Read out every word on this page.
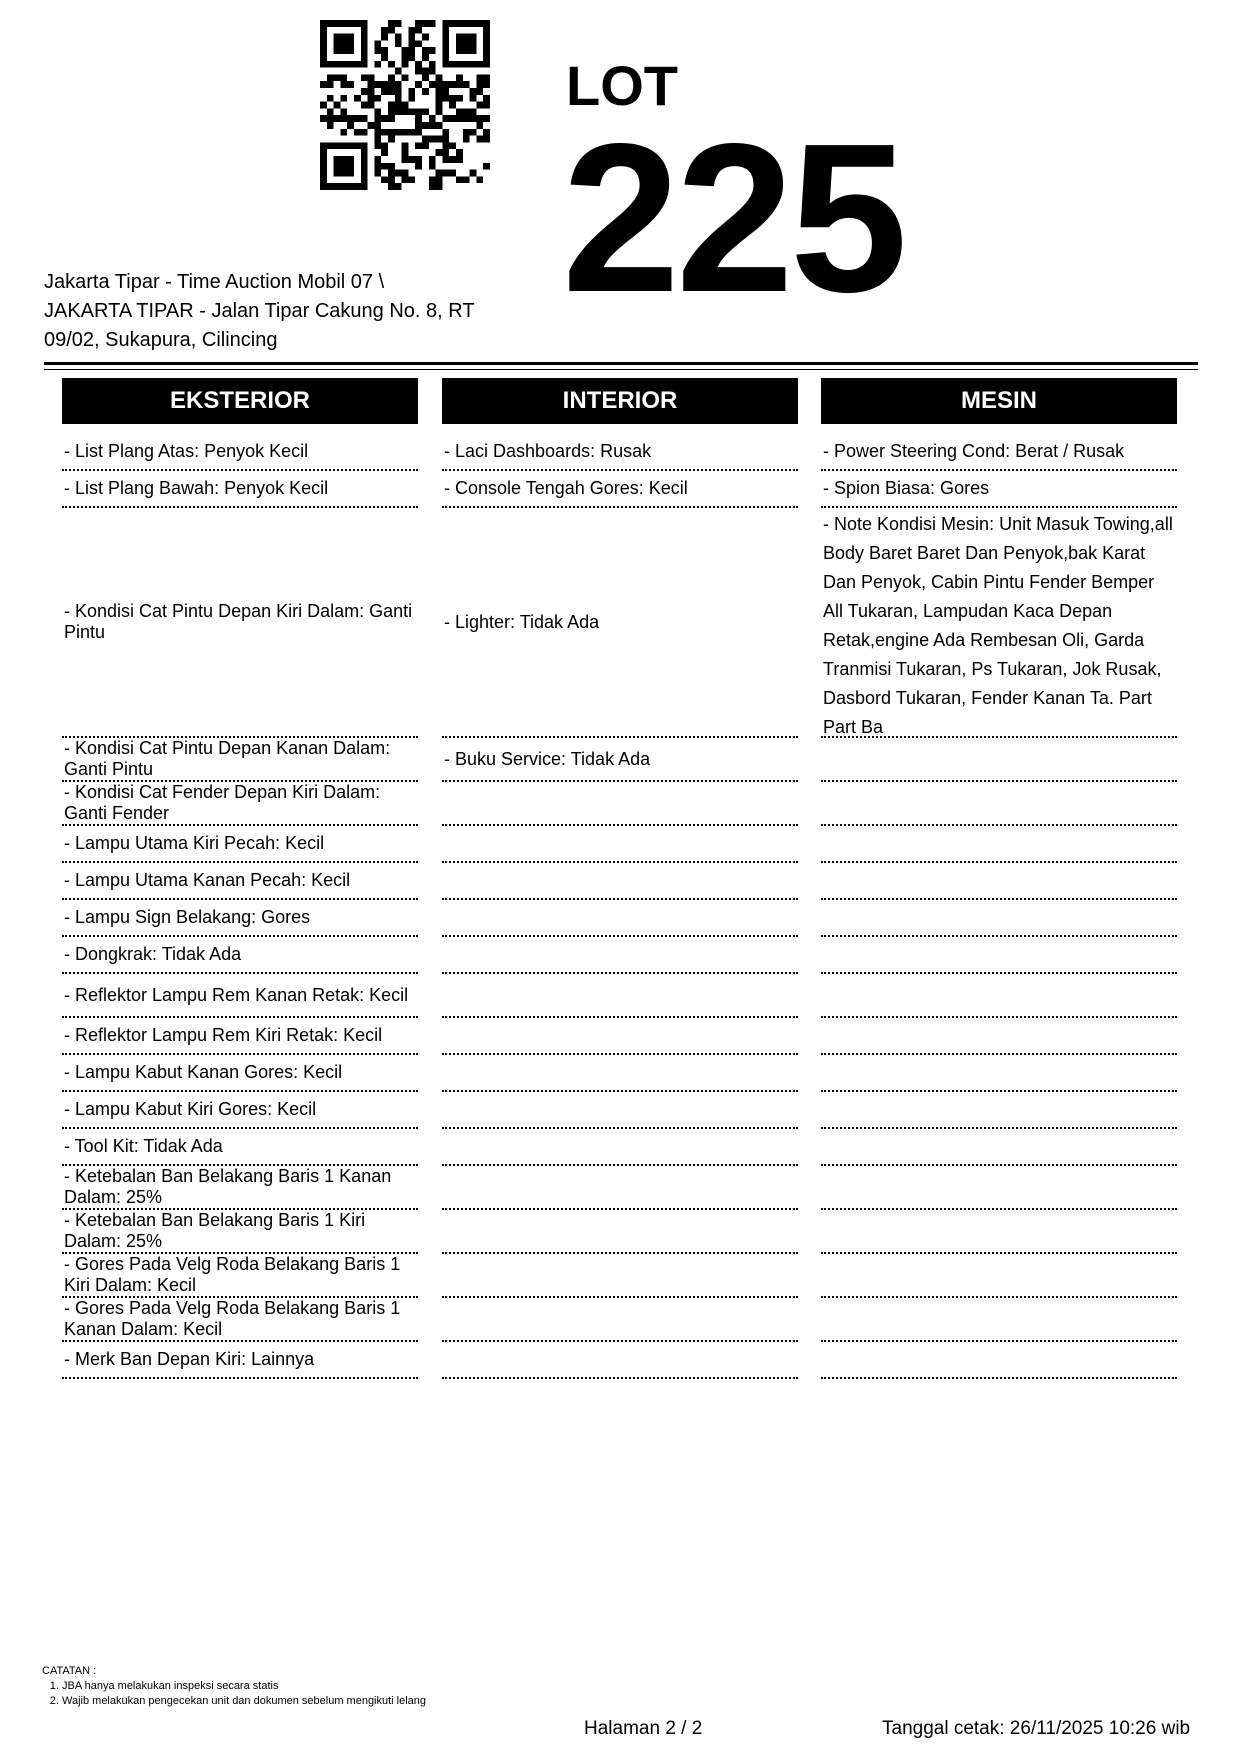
LOT
225
Jakarta Tipar - Time Auction Mobil 07 \
JAKARTA TIPAR - Jalan Tipar Cakung No. 8, RT
09/02, Sukapura, Cilincing
EKSTERIOR
- List Plang Atas: Penyok Kecil
- List Plang Bawah: Penyok Kecil
- Kondisi Cat Pintu Depan Kiri Dalam: Ganti Pintu
- Kondisi Cat Pintu Depan Kanan Dalam: Ganti Pintu
- Kondisi Cat Fender Depan Kiri Dalam: Ganti Fender
- Lampu Utama Kiri Pecah: Kecil
- Lampu Utama Kanan Pecah: Kecil
- Lampu Sign Belakang: Gores
- Dongkrak: Tidak Ada
- Reflektor Lampu Rem Kanan Retak: Kecil
- Reflektor Lampu Rem Kiri Retak: Kecil
- Lampu Kabut Kanan Gores: Kecil
- Lampu Kabut Kiri Gores: Kecil
- Tool Kit: Tidak Ada
- Ketebalan Ban Belakang Baris 1 Kanan Dalam: 25%
- Ketebalan Ban Belakang Baris 1 Kiri Dalam: 25%
- Gores Pada Velg Roda Belakang Baris 1 Kiri Dalam: Kecil
- Gores Pada Velg Roda Belakang Baris 1 Kanan Dalam: Kecil
- Merk Ban Depan Kiri: Lainnya
INTERIOR
- Laci Dashboards: Rusak
- Console Tengah Gores: Kecil
- Lighter: Tidak Ada
- Buku Service: Tidak Ada
MESIN
- Power Steering Cond: Berat / Rusak
- Spion Biasa: Gores
- Note Kondisi Mesin: Unit Masuk Towing,all Body Baret Baret Dan Penyok,bak Karat Dan Penyok, Cabin Pintu Fender Bemper All Tukaran, Lampudan Kaca Depan Retak,engine Ada Rembesan Oli, Garda Tranmisi Tukaran, Ps Tukaran, Jok Rusak, Dasbord Tukaran, Fender Kanan Ta. Part Part Ba
CATATAN :
1. JBA hanya melakukan inspeksi secara statis
2. Wajib melakukan pengecekan unit dan dokumen sebelum mengikuti lelang
Halaman 2 / 2	Tanggal cetak: 26/11/2025 10:26 wib
